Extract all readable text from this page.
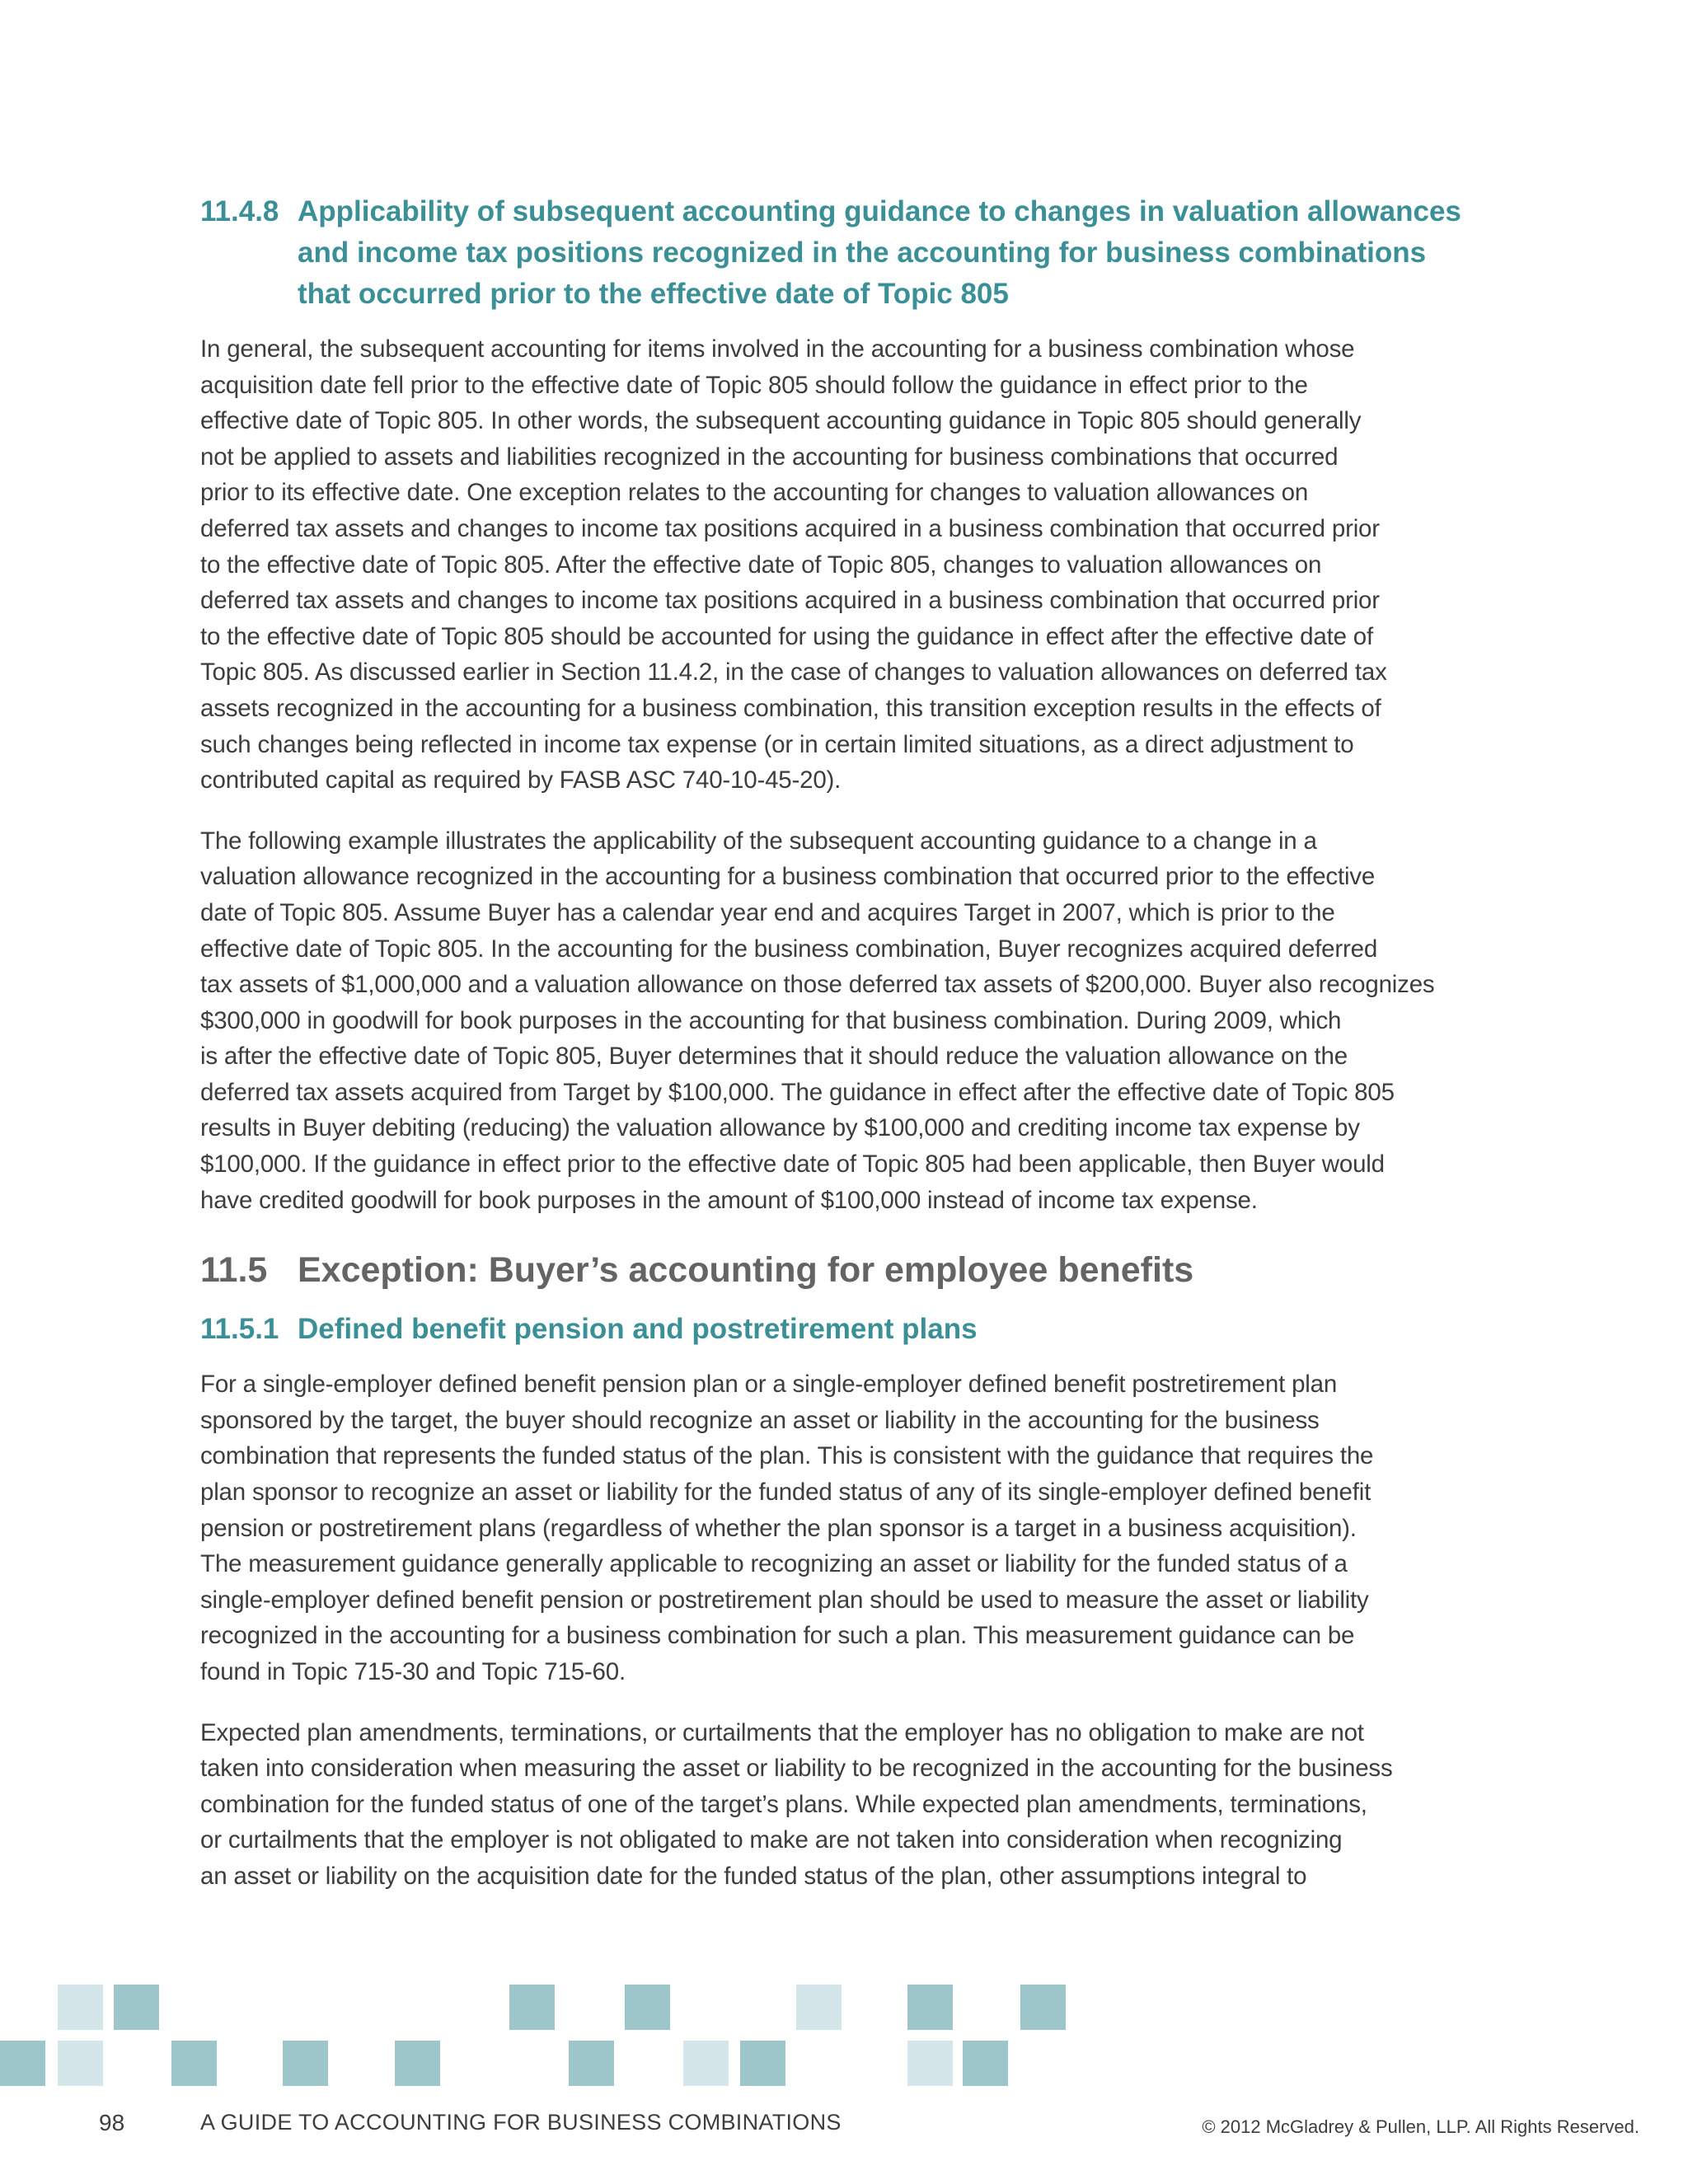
11.4.8 Applicability of subsequent accounting guidance to changes in valuation allowances
and income tax positions recognized in the accounting for business combinations
that occurred prior to the effective date of Topic 805
In general, the subsequent accounting for items involved in the accounting for a business combination whose
acquisition date fell prior to the effective date of Topic 805 should follow the guidance in effect prior to the
effective date of Topic 805. In other words, the subsequent accounting guidance in Topic 805 should generally
not be applied to assets and liabilities recognized in the accounting for business combinations that occurred
prior to its effective date. One exception relates to the accounting for changes to valuation allowances on
deferred tax assets and changes to income tax positions acquired in a business combination that occurred prior
to the effective date of Topic 805. After the effective date of Topic 805, changes to valuation allowances on
deferred tax assets and changes to income tax positions acquired in a business combination that occurred prior
to the effective date of Topic 805 should be accounted for using the guidance in effect after the effective date of
Topic 805. As discussed earlier in Section 11.4.2, in the case of changes to valuation allowances on deferred tax
assets recognized in the accounting for a business combination, this transition exception results in the effects of
such changes being reflected in income tax expense (or in certain limited situations, as a direct adjustment to
contributed capital as required by FASB ASC 740-10-45-20).
The following example illustrates the applicability of the subsequent accounting guidance to a change in a
valuation allowance recognized in the accounting for a business combination that occurred prior to the effective
date of Topic 805. Assume Buyer has a calendar year end and acquires Target in 2007, which is prior to the
effective date of Topic 805. In the accounting for the business combination, Buyer recognizes acquired deferred
tax assets of $1,000,000 and a valuation allowance on those deferred tax assets of $200,000. Buyer also recognizes
$300,000 in goodwill for book purposes in the accounting for that business combination. During 2009, which
is after the effective date of Topic 805, Buyer determines that it should reduce the valuation allowance on the
deferred tax assets acquired from Target by $100,000. The guidance in effect after the effective date of Topic 805
results in Buyer debiting (reducing) the valuation allowance by $100,000 and crediting income tax expense by
$100,000. If the guidance in effect prior to the effective date of Topic 805 had been applicable, then Buyer would
have credited goodwill for book purposes in the amount of $100,000 instead of income tax expense.
11.5 Exception: Buyer’s accounting for employee benefits
11.5.1 Defined benefit pension and postretirement plans
For a single-employer defined benefit pension plan or a single-employer defined benefit postretirement plan
sponsored by the target, the buyer should recognize an asset or liability in the accounting for the business
combination that represents the funded status of the plan. This is consistent with the guidance that requires the
plan sponsor to recognize an asset or liability for the funded status of any of its single-employer defined benefit
pension or postretirement plans (regardless of whether the plan sponsor is a target in a business acquisition).
The measurement guidance generally applicable to recognizing an asset or liability for the funded status of a
single-employer defined benefit pension or postretirement plan should be used to measure the asset or liability
recognized in the accounting for a business combination for such a plan. This measurement guidance can be
found in Topic 715-30 and Topic 715-60.
Expected plan amendments, terminations, or curtailments that the employer has no obligation to make are not
taken into consideration when measuring the asset or liability to be recognized in the accounting for the business
combination for the funded status of one of the target’s plans. While expected plan amendments, terminations,
or curtailments that the employer is not obligated to make are not taken into consideration when recognizing
an asset or liability on the acquisition date for the funded status of the plan, other assumptions integral to
98	A GUIDE TO ACCOUNTING FOR BUSINESS COMBINATIONS	© 2012 McGladrey & Pullen, LLP. All Rights Reserved.
